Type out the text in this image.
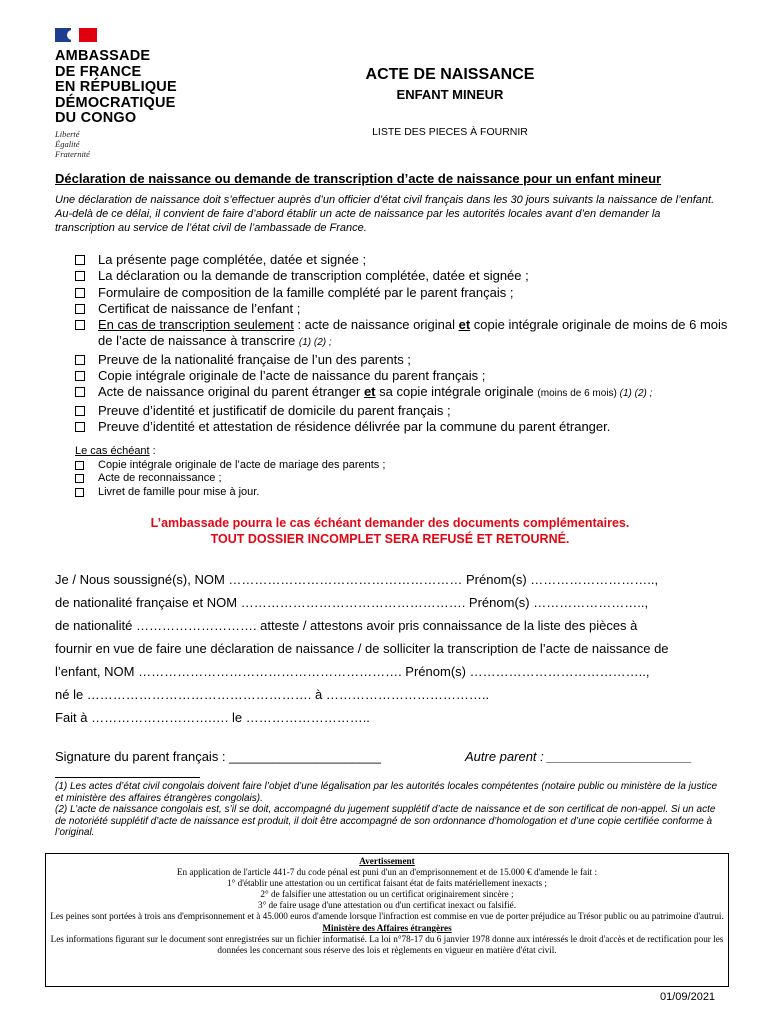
AMBASSADE
DE FRANCE
EN RÉPUBLIQUE
DÉMOCRATIQUE
DU CONGO
Liberté
Égalité
Fraternité
ACTE DE NAISSANCE
ENFANT MINEUR
LISTE DES PIECES À FOURNIR
Déclaration de naissance ou demande de transcription d’acte de naissance pour un enfant mineur
Une déclaration de naissance doit s’effectuer auprès d’un officier d’état civil français dans les 30 jours suivants la naissance de l’enfant. Au-delà de ce délai, il convient de faire d’abord établir un acte de naissance par les autorités locales avant d’en demander la transcription au service de l’état civil de l’ambassade de France.
La présente page complétée, datée et signée ;
La déclaration ou la demande de transcription complétée, datée et signée ;
Formulaire de composition de la famille complété par le parent français ;
Certificat de naissance de l’enfant ;
En cas de transcription seulement : acte de naissance original et copie intégrale originale de moins de 6 mois de l’acte de naissance à transcrire (1) (2) ;
Preuve de la nationalité française de l’un des parents ;
Copie intégrale originale de l’acte de naissance du parent français ;
Acte de naissance original du parent étranger et sa copie intégrale originale (moins de 6 mois) (1) (2) ;
Preuve d’identité et justificatif de domicile du parent français ;
Preuve d’identité et attestation de résidence délivrée par la commune du parent étranger.
Le cas échéant :
Copie intégrale originale de l’acte de mariage des parents ;
Acte de reconnaissance ;
Livret de famille pour mise à jour.
L’ambassade pourra le cas échéant demander des documents complémentaires.
TOUT DOSSIER INCOMPLET SERA REFUSÉ ET RETOURNÉ.
Je / Nous soussigné(s), NOM ……………………………………………… Prénom(s) ………………………..,
de nationalité française et NOM ……………………………………………. Prénom(s) ……………………..,
de nationalité ………………………. atteste / attestons avoir pris connaissance de la liste des pièces à
fournir en vue de faire une déclaration de naissance / de solliciter la transcription de l’acte de naissance de
l’enfant, NOM ……………………………………………………. Prénom(s) …………………………………..,
né le ……………………………………………. à ………………………………..
Fait à ……………………….…. le ………………………..
Signature du parent français : _____________________	Autre parent : ____________________
(1) Les actes d’état civil congolais doivent faire l’objet d’une légalisation par les autorités locales compétentes (notaire public ou ministère de la justice et ministère des affaires étrangères congolais).
(2) L’acte de naissance congolais est, s’il se doit, accompagné du jugement supplétif d’acte de naissance et de son certificat de non-appel. Si un acte de notoriété supplétif d’acte de naissance est produit, il doit être accompagné de son ordonnance d’homologation et d’une copie certifiée conforme à l’original.
Avertissement
En application de l'article 441-7 du code pénal est puni d'un an d'emprisonnement et de 15.000 € d'amende le fait :
1° d'établir une attestation ou un certificat faisant état de faits matériellement inexacts ;
2° de falsifier une attestation ou un certificat originairement sincère ;
3° de faire usage d'une attestation ou d'un certificat inexact ou falsifié.
Les peines sont portées à trois ans d'emprisonnement et à 45.000 euros d'amende lorsque l'infraction est commise en vue de porter préjudice au Trésor public ou au patrimoine d'autrui.
Ministère des Affaires étrangères
Les informations figurant sur le document sont enregistrées sur un fichier informatisé. La loi n°78-17 du 6 janvier 1978 donne aux intéressés le droit d'accès et de rectification pour les données les concernant sous réserve des lois et règlements en vigueur en matière d'état civil.
01/09/2021
